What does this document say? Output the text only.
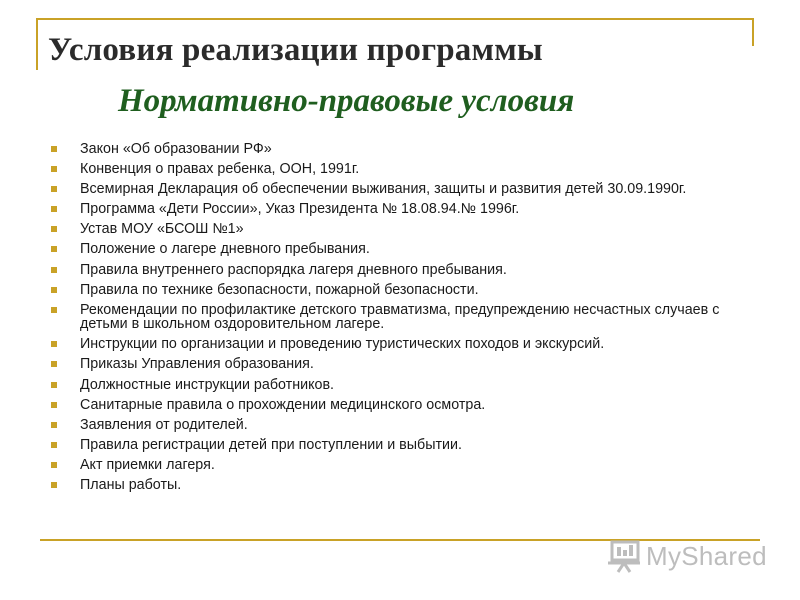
Условия реализации программы
Нормативно-правовые условия
Закон «Об образовании РФ»
Конвенция о правах ребенка, ООН, 1991г.
Всемирная Декларация об обеспечении выживания, защиты и развития детей 30.09.1990г.
Программа «Дети России», Указ Президента № 18.08.94.№ 1996г.
Устав МОУ «БСОШ №1»
Положение о лагере дневного пребывания.
Правила внутреннего распорядка лагеря дневного пребывания.
Правила по технике безопасности, пожарной безопасности.
Рекомендации по профилактике детского травматизма, предупреждению несчастных случаев с детьми в школьном оздоровительном лагере.
Инструкции по организации и проведению туристических походов и экскурсий.
Приказы Управления образования.
Должностные инструкции работников.
Санитарные правила о прохождении медицинского осмотра.
Заявления от родителей.
Правила регистрации детей при поступлении и выбытии.
Акт приемки лагеря.
Планы работы.
MyShared
